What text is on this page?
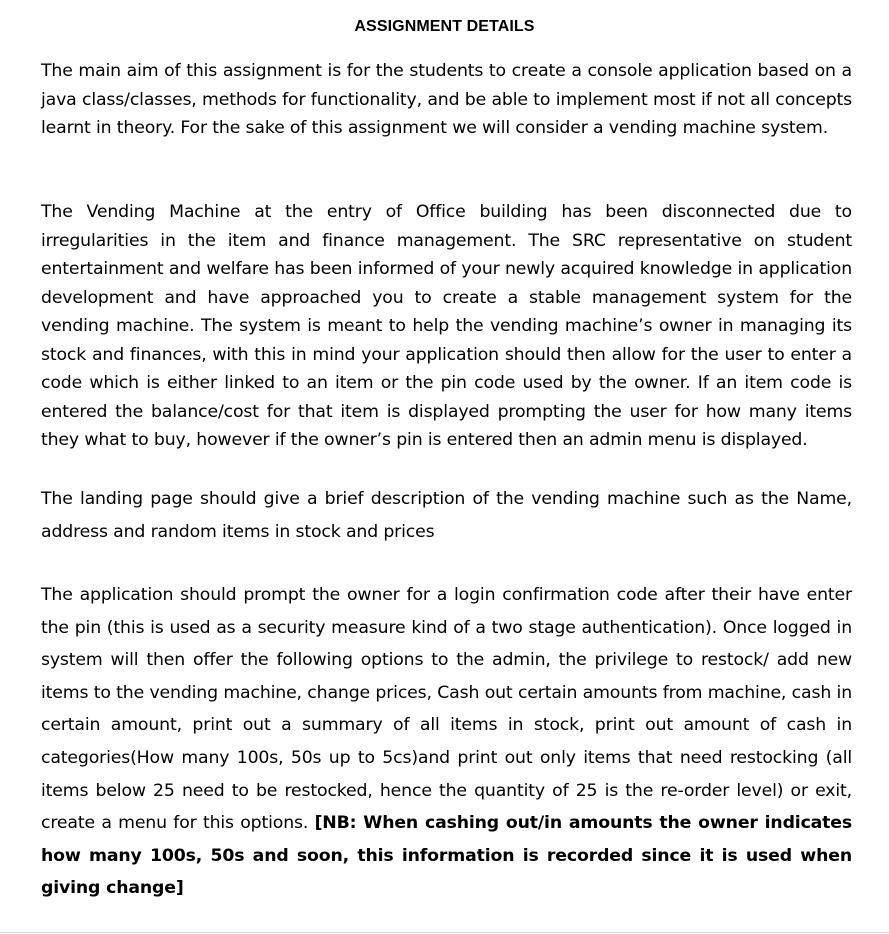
ASSIGNMENT DETAILS

The main aim of this assignment is for the students to create a console application based on a java class/classes, methods for functionality, and be able to implement most if not all concepts learnt in theory. For the sake of this assignment we will consider a vending machine system.

The Vending Machine at the entry of Office building has been disconnected due to irregularities in the item and finance management. The SRC representative on student entertainment and welfare has been informed of your newly acquired knowledge in application development and have approached you to create a stable management system for the vending machine. The system is meant to help the vending machine’s owner in managing its stock and finances, with this in mind your application should then allow for the user to enter a code which is either linked to an item or the pin code used by the owner. If an item code is entered the balance/cost for that item is displayed prompting the user for how many items they what to buy, however if the owner’s pin is entered then an admin menu is displayed.

The landing page should give a brief description of the vending machine such as the Name, address and random items in stock and prices

The application should prompt the owner for a login confirmation code after their have enter the pin (this is used as a security measure kind of a two stage authentication). Once logged in system will then offer the following options to the admin, the privilege to restock/ add new items to the vending machine, change prices, Cash out certain amounts from machine, cash in certain amount, print out a summary of all items in stock, print out amount of cash in categories(How many 100s, 50s up to 5cs)and print out only items that need restocking (all items below 25 need to be restocked, hence the quantity of 25 is the re-order level) or exit, create a menu for this options. [NB: When cashing out/in amounts the owner indicates how many 100s, 50s and soon, this information is recorded since it is used when giving change]
